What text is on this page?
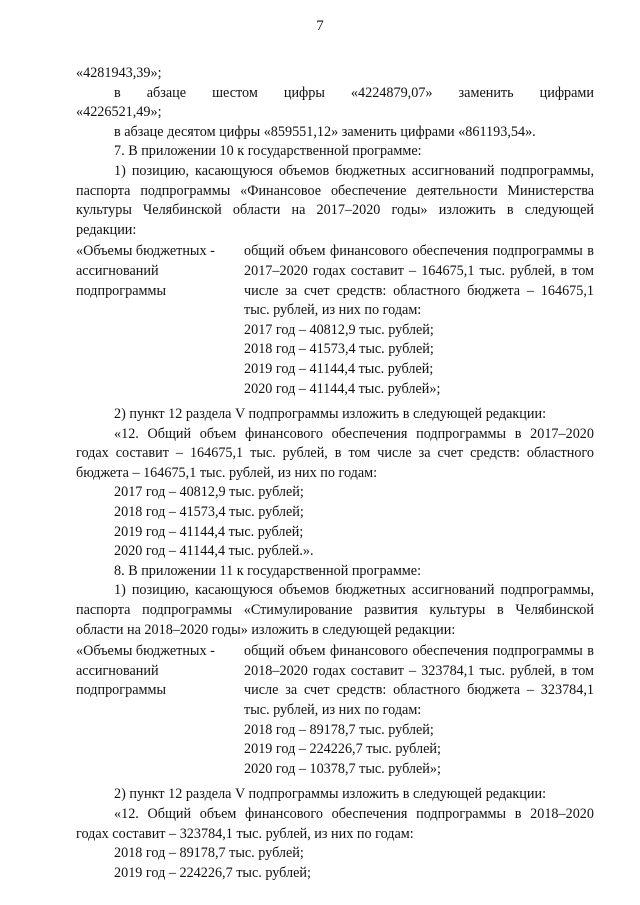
7

«4281943,39»;

в абзаце шестом цифры «4224879,07» заменить цифрами

«4226521,49»;

в абзаце десятом цифры «859551,12» заменить цифрами «861193,54».

7. В приложении 10 к государственной программе:

1) позицию, касающуюся объемов бюджетных ассигнований подпрограммы, паспорта подпрограммы «Финансовое обеспечение деятельности Министерства культуры Челябинской области на 2017–2020 годы» изложить в следующей редакции:

«Объемы бюджетных - ассигнований подпрограммы

общий объем финансового обеспечения подпрограммы в 2017–2020 годах составит – 164675,1 тыс. рублей, в том числе за счет средств: областного бюджета – 164675,1 тыс. рублей, из них по годам:

2017 год – 40812,9 тыс. рублей;
2018 год – 41573,4 тыс. рублей;
2019 год – 41144,4 тыс. рублей;
2020 год – 41144,4 тыс. рублей»;

2) пункт 12 раздела V подпрограммы изложить в следующей редакции:

«12. Общий объем финансового обеспечения подпрограммы в 2017–2020 годах составит – 164675,1 тыс. рублей, в том числе за счет средств: областного бюджета – 164675,1 тыс. рублей, из них по годам:

2017 год – 40812,9 тыс. рублей;
2018 год – 41573,4 тыс. рублей;
2019 год – 41144,4 тыс. рублей;
2020 год – 41144,4 тыс. рублей.».

8. В приложении 11 к государственной программе:

1) позицию, касающуюся объемов бюджетных ассигнований подпрограммы, паспорта подпрограммы «Стимулирование развития культуры в Челябинской области на 2018–2020 годы» изложить в следующей редакции:

«Объемы бюджетных - ассигнований подпрограммы

общий объем финансового обеспечения подпрограммы в 2018–2020 годах составит – 323784,1 тыс. рублей, в том числе за счет средств: областного бюджета – 323784,1 тыс. рублей, из них по годам:

2018 год – 89178,7 тыс. рублей;
2019 год – 224226,7 тыс. рублей;
2020 год – 10378,7 тыс. рублей»;

2) пункт 12 раздела V подпрограммы изложить в следующей редакции:

«12. Общий объем финансового обеспечения подпрограммы в 2018–2020 годах составит – 323784,1 тыс. рублей, из них по годам:

2018 год – 89178,7 тыс. рублей;
2019 год – 224226,7 тыс. рублей;
